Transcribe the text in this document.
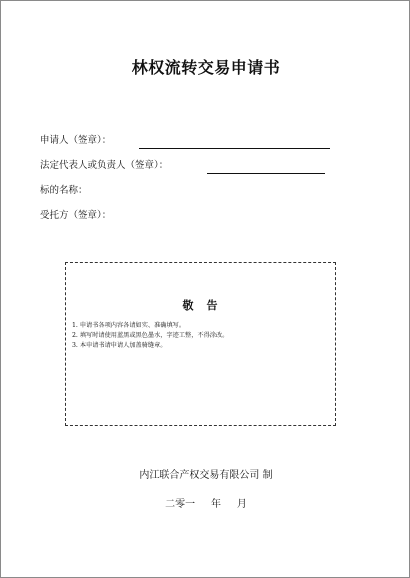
林权流转交易申请书
申请人（签章）：
法定代表人或负责人（签章）：
标的名称：
受托方（签章）：
敬　告
1. 申请书各项内容各请如实、准确填写。
2. 填写时请使用蓝黑或黑色墨水，字迹工整，不得涂改。
3. 本申请书请申请人加盖骑缝章。
内江联合产权交易有限公司 制
二零一     年     月
